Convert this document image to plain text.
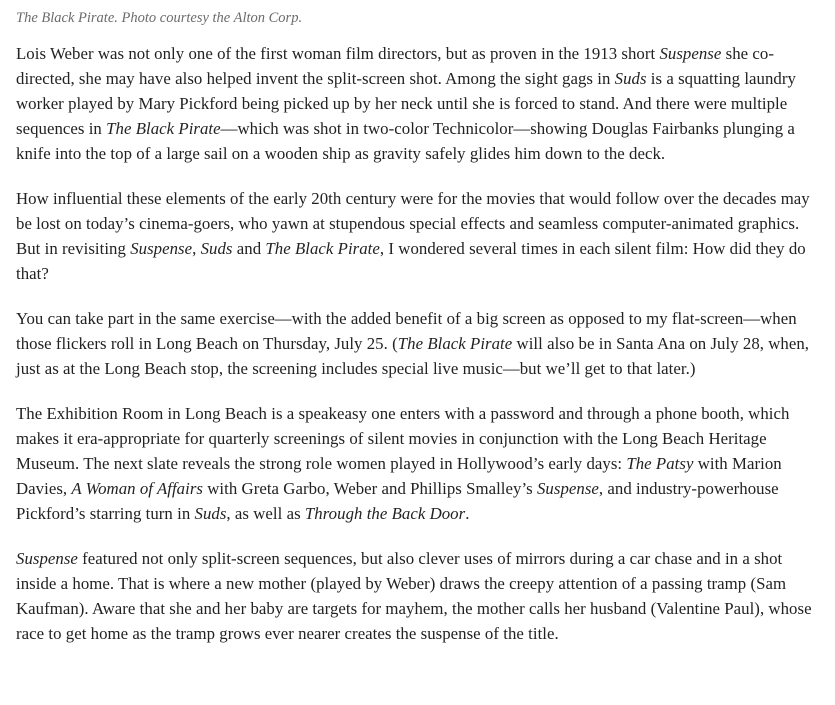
The Black Pirate. Photo courtesy the Alton Corp.

Lois Weber was not only one of the first woman film directors, but as proven in the 1913 short Suspense she co-directed, she may have also helped invent the split-screen shot. Among the sight gags in Suds is a squatting laundry worker played by Mary Pickford being picked up by her neck until she is forced to stand. And there were multiple sequences in The Black Pirate—which was shot in two-color Technicolor—showing Douglas Fairbanks plunging a knife into the top of a large sail on a wooden ship as gravity safely glides him down to the deck.

How influential these elements of the early 20th century were for the movies that would follow over the decades may be lost on today’s cinema-goers, who yawn at stupendous special effects and seamless computer-animated graphics. But in revisiting Suspense, Suds and The Black Pirate, I wondered several times in each silent film: How did they do that?

You can take part in the same exercise—with the added benefit of a big screen as opposed to my flat-screen—when those flickers roll in Long Beach on Thursday, July 25. (The Black Pirate will also be in Santa Ana on July 28, when, just as at the Long Beach stop, the screening includes special live music—but we’ll get to that later.)

The Exhibition Room in Long Beach is a speakeasy one enters with a password and through a phone booth, which makes it era-appropriate for quarterly screenings of silent movies in conjunction with the Long Beach Heritage Museum. The next slate reveals the strong role women played in Hollywood’s early days: The Patsy with Marion Davies, A Woman of Affairs with Greta Garbo, Weber and Phillips Smalley’s Suspense, and industry-powerhouse Pickford’s starring turn in Suds, as well as Through the Back Door.

Suspense featured not only split-screen sequences, but also clever uses of mirrors during a car chase and in a shot inside a home. That is where a new mother (played by Weber) draws the creepy attention of a passing tramp (Sam Kaufman). Aware that she and her baby are targets for mayhem, the mother calls her husband (Valentine Paul), whose race to get home as the tramp grows ever nearer creates the suspense of the title.
